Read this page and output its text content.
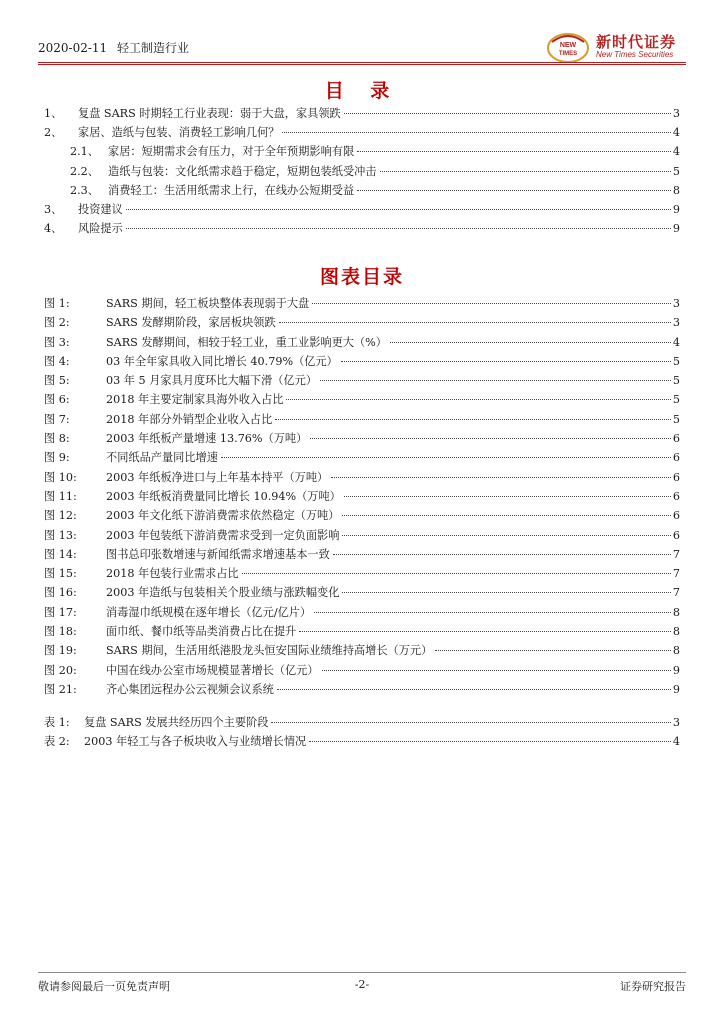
2020-02-11 轻工制造行业	NEW
TIMES
新时代证券
New Times Securities
目 录
1、	复盘 SARS 时期轻工行业表现：弱于大盘，家具领跌	3
2、	家居、造纸与包装、消费轻工影响几何？	4
2.1、 家居：短期需求会有压力，对于全年预期影响有限	4
2.2、 造纸与包装：文化纸需求趋于稳定，短期包装纸受冲击	5
2.3、 消费轻工：生活用纸需求上行，在线办公短期受益	8
3、	投资建议	9
4、	风险提示	9
图表目录
图 1:	SARS 期间，轻工板块整体表现弱于大盘	3
图 2:	SARS 发酵期阶段，家居板块领跌	3
图 3:	SARS 发酵期间，相较于轻工业，重工业影响更大（%）	4
图 4:	03 年全年家具收入同比增长 40.79%（亿元）	5
图 5:	03 年 5 月家具月度环比大幅下滑（亿元）	5
图 6:	2018 年主要定制家具海外收入占比	5
图 7:	2018 年部分外销型企业收入占比	5
图 8:	2003 年纸板产量增速 13.76%（万吨）	6
图 9:	不同纸品产量同比增速	6
图 10:	2003 年纸板净进口与上年基本持平（万吨）	6
图 11:	2003 年纸板消费量同比增长 10.94%（万吨）	6
图 12:	2003 年文化纸下游消费需求依然稳定（万吨）	6
图 13:	2003 年包装纸下游消费需求受到一定负面影响	6
图 14:	图书总印张数增速与新闻纸需求增速基本一致	7
图 15:	2018 年包装行业需求占比	7
图 16:	2003 年造纸与包装相关个股业绩与涨跌幅变化	7
图 17:	消毒湿巾纸规模在逐年增长（亿元/亿片）	8
图 18:	面巾纸、餐巾纸等品类消费占比在提升	8
图 19:	SARS 期间，生活用纸港股龙头恒安国际业绩维持高增长（万元）	8
图 20:	中国在线办公室市场规模显著增长（亿元）	9
图 21:	齐心集团远程办公云视频会议系统	9
表 1:	复盘 SARS 发展共经历四个主要阶段	3
表 2:	2003 年轻工与各子板块收入与业绩增长情况	4
敬请参阅最后一页免责声明	-2-	证券研究报告
